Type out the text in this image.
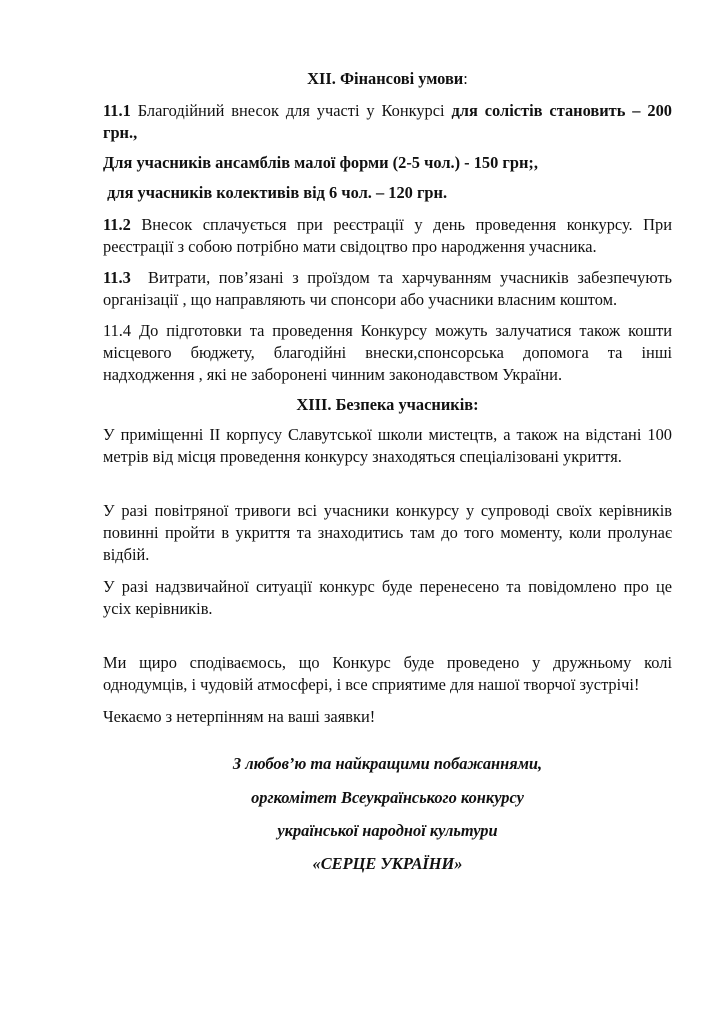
XII. Фінансові умови:
11.1 Благодійний внесок для участі у Конкурсі для солістів становить – 200 грн.,
Для учасників ансамблів малої форми (2-5 чол.) - 150 грн;,
для учасників колективів від 6 чол. – 120 грн.
11.2 Внесок сплачується при реєстрації у день проведення конкурсу. При реєстрації з собою потрібно мати свідоцтво про народження учасника.
11.3  Витрати, пов’язані з проїздом та харчуванням учасників забезпечують організації , що направляють чи спонсори або учасники власним коштом.
11.4 До підготовки та проведення Конкурсу можуть залучатися також кошти місцевого бюджету, благодійні внески,спонсорська допомога та інші надходження , які не заборонені чинним законодавством України.
XIII. Безпека учасників:
У приміщенні II корпусу Славутської школи мистецтв, а також на відстані 100 метрів від місця проведення конкурсу знаходяться спеціалізовані укриття.
У разі повітряної тривоги всі учасники конкурсу у супроводі своїх керівників повинні пройти в укриття та знаходитись там до того моменту, коли пролунає відбій.
У разі надзвичайної ситуації конкурс буде перенесено та повідомлено про це усіх керівників.
Ми щиро сподіваємось, що Конкурс буде проведено у дружньому колі однодумців, і чудовій атмосфері, і все сприятиме для нашої творчої зустрічі!
Чекаємо з нетерпінням на ваші заявки!
З любов’ю та найкращими побажаннями,
оргкомітет Всеукраїнського конкурсу
української народної культури
«СЕРЦЕ УКРАЇНИ»
